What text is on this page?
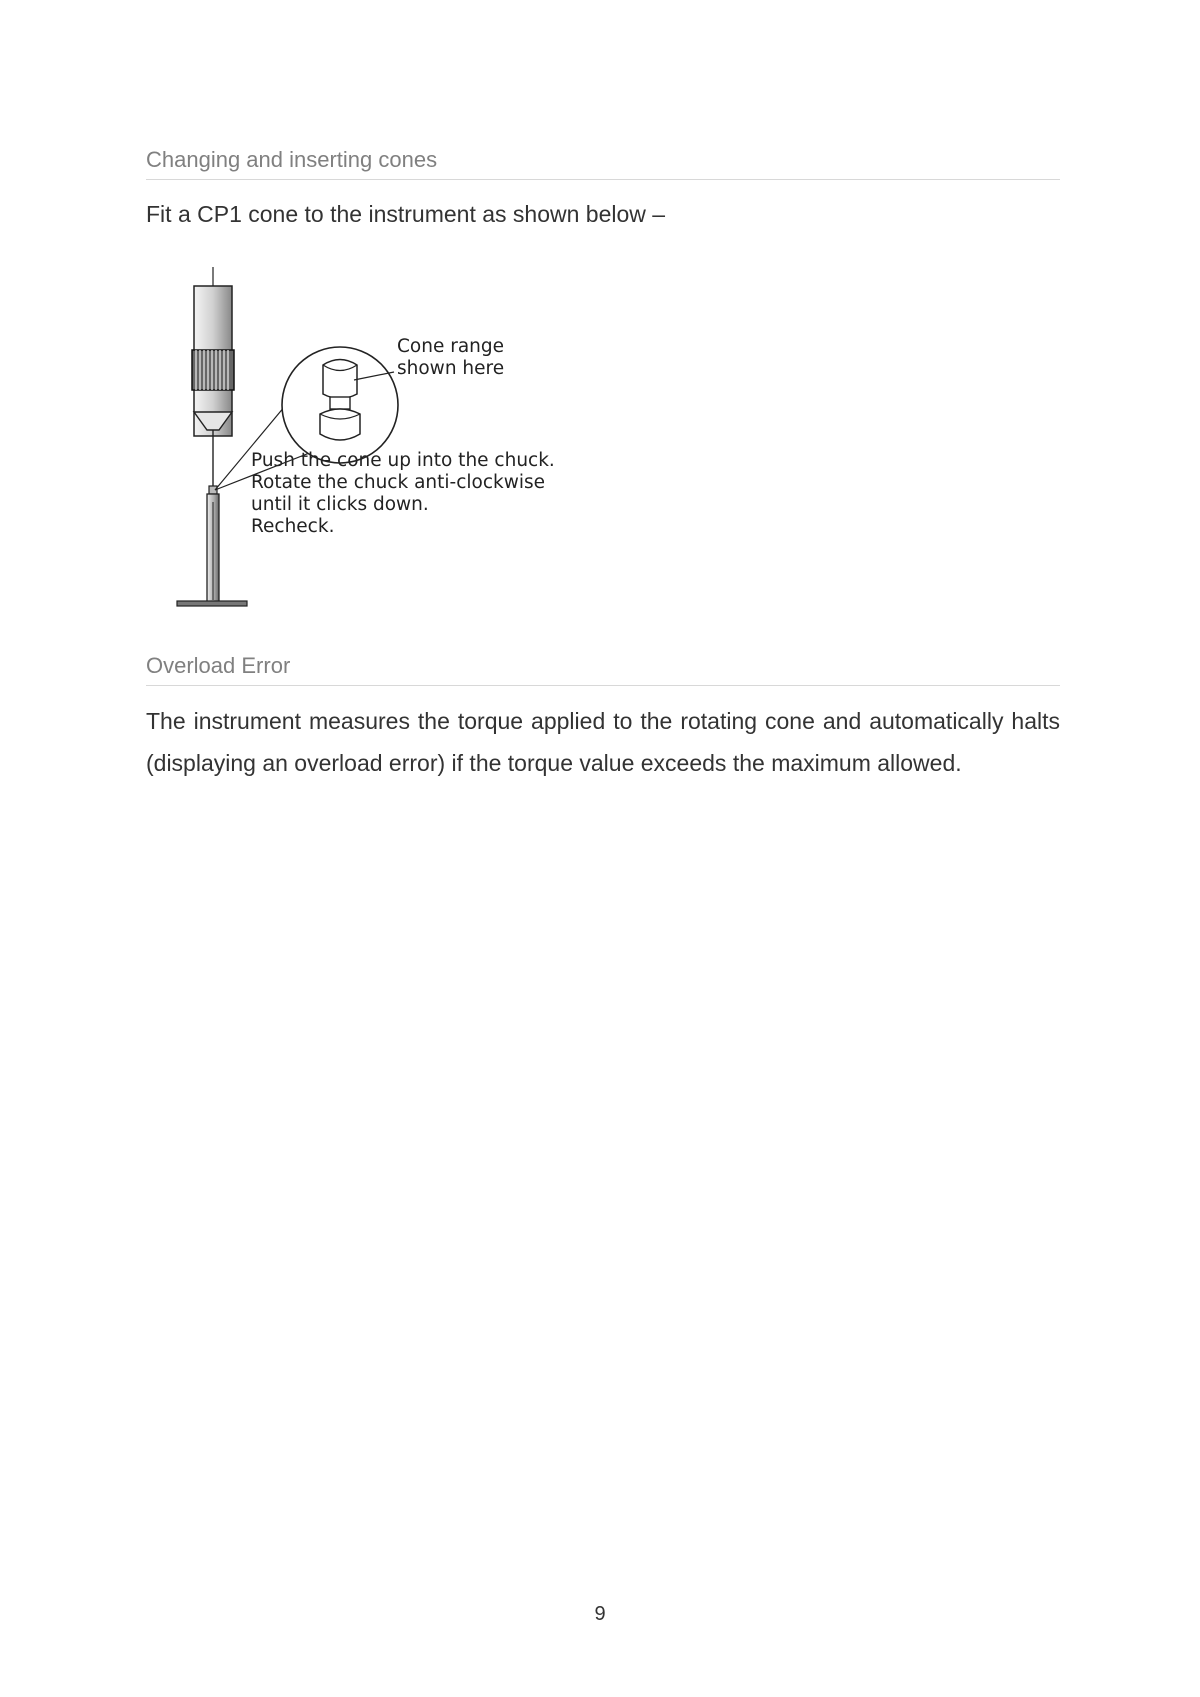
Changing and inserting cones
Fit a CP1 cone to the instrument as shown below –
Cone range
shown here
Push the cone up into the chuck.
Rotate the chuck anti-clockwise
until it clicks down.
Recheck.
Overload Error
The instrument measures the torque applied to the rotating cone and automatically halts (displaying an overload error) if the torque value exceeds the maximum allowed.
9
